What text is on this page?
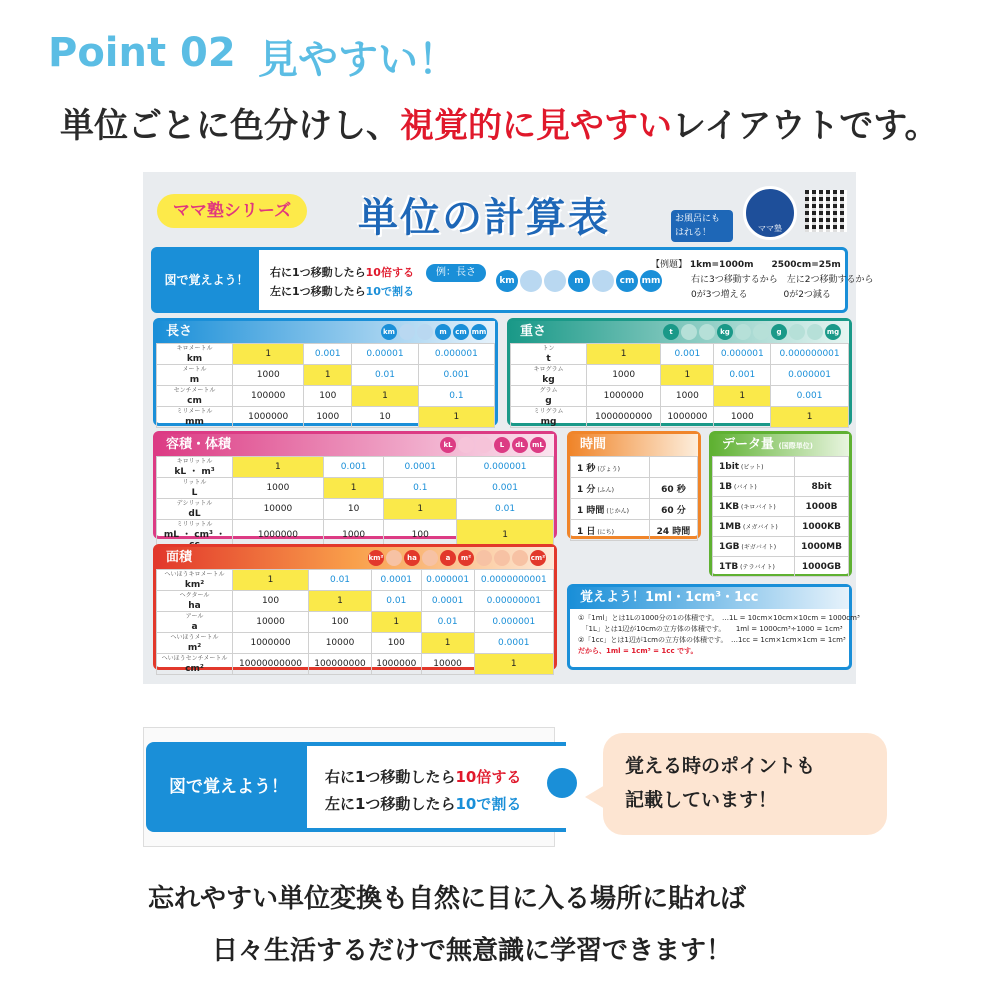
Point 02 見やすい！
単位ごとに色分けし、視覚的に見やすいレイアウトです。
ママ塾シリーズ	単位の計算表	お風呂にも
はれる！	ママ塾
図で覚えよう！
右に1つ移動したら10倍する
左に1つ移動したら10で割る
例：長さ
km	m	cm mm
【例題】 1km=1000m　　 2500cm=25m
右に3つ移動するから　 左に2つ移動するから
0が3つ増える　　　　	0が2つ減る
長さ	km	m	cm mm
キロメートル
km	1	0.001	0.00001	0.000001

メートル
m	1000	1	0.01	0.001

センチメートル
cm	100000	100	1	0.1

ミリメートル
mm	1000000	1000	10	1
重さ	t	kg	g	mg
トン
t	1	0.001	0.000001	0.000000001

キログラム
kg	1000	1	0.001	0.000001

グラム
g	1000000	1000	1	0.001

ミリグラム
mg	1000000000	1000000	1000	1
容積・体積	kL	L	dL	mL
キロリットル
kL ・ m³	1	0.001	0.0001	0.000001

リットル
L	1000	1	0.1	0.001

デシリットル
dL	10000	10	1	0.01

ミリリットル
mL ・ cm³ ・	1000000	1000	100	1
面積	km²	ha	a	m²	cm²
へいほうキロメートル
km²	1	0.01	0.0001	0.000001	0.0000000001

ヘクタール
ha	100	1	0.01	0.0001	0.00000001

アール
a	10000	100	1	0.01	0.000001

へいほうメートル
m²	1000000	10000	100	1	0.0001

へいほうセンチメートル
cm²	10000000000	100000000	1000000	10000	1
時間
1 秒 (びょう)	
1 分 (ふん)	60 秒
1 時間 (じかん)	60 分
1 日 (にち)	24 時間
データ量 (国際単位)
1bit (ビット)	
1B (バイト)	8bit
1KB (キロバイト)	1000B
1MB (メガバイト)	1000KB
1GB (ギガバイト)	1000MB
1TB (テラバイト)	1000GB
覚えよう！1ml・1cm³・1cc
①「1ml」とは1Lの1000分の1の体積です。　…1L = 10cm×10cm×10cm = 1000cm³
　「1L」とは1辺が10cmの立方体の体積です。　　1ml = 1000cm³÷1000 = 1cm³
②「1cc」とは1辺が1cmの立方体の体積です。　…1cc = 1cm×1cm×1cm = 1cm³
だから、1ml = 1cm³ = 1cc です。
図で覚えよう！	右に1つ移動したら10倍する
左に1つ移動したら10で割る
覚える時のポイントも
記載しています！
忘れやすい単位変換も自然に目に入る場所に貼れば
日々生活するだけで無意識に学習できます！
